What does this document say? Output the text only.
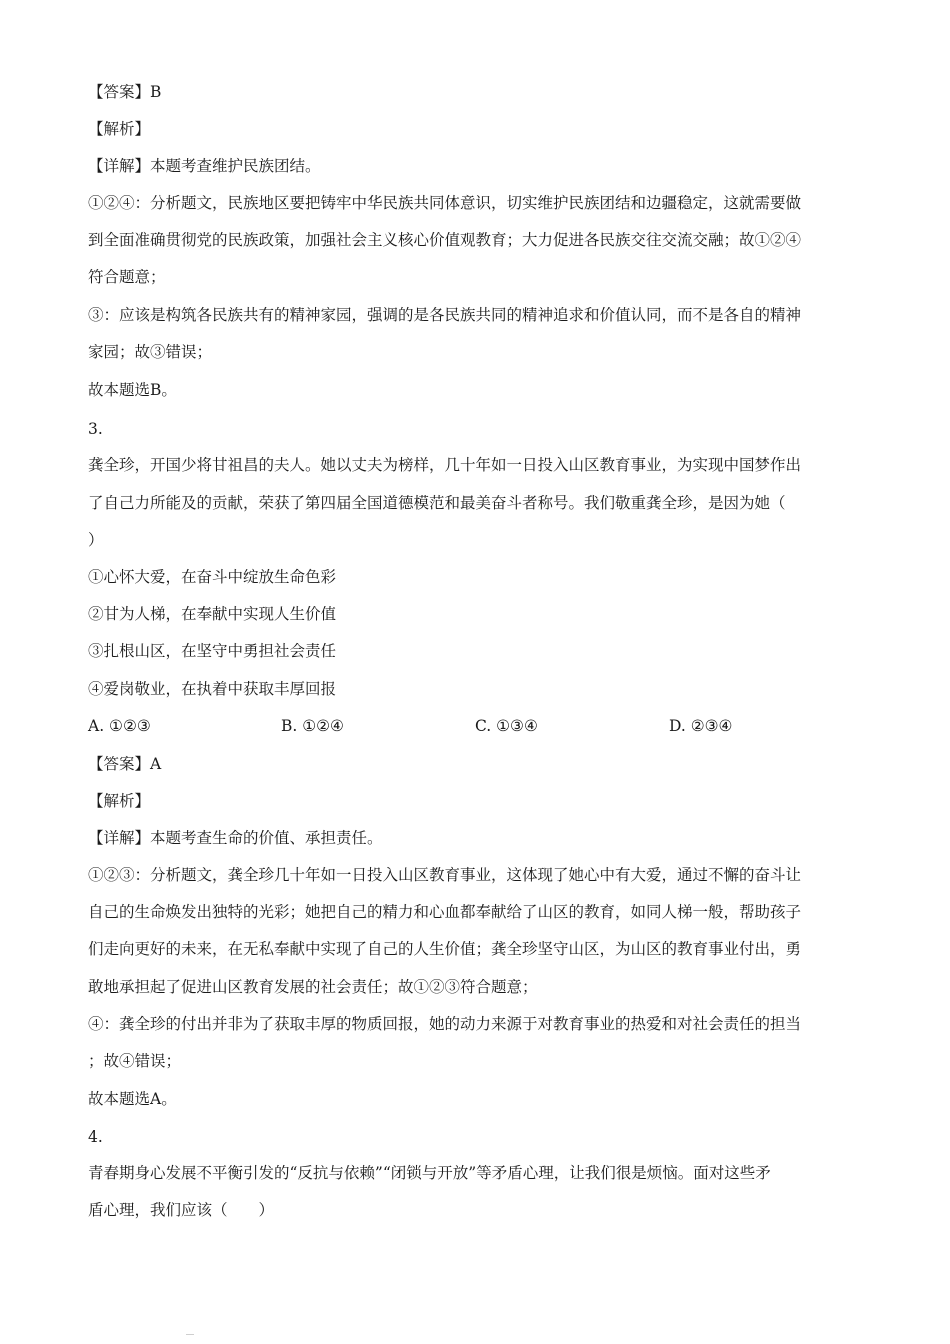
【答案】B
【解析】
【详解】本题考查维护民族团结。
①②④：分析题文，民族地区要把铸牢中华民族共同体意识，切实维护民族团结和边疆稳定，这就需要做
到全面准确贯彻党的民族政策，加强社会主义核心价值观教育；大力促进各民族交往交流交融；故①②④
符合题意；
③：应该是构筑各民族共有的精神家园，强调的是各民族共同的精神追求和价值认同，而不是各自的精神
家园；故③错误；
故本题选B。
3.
龚全珍，开国少将甘祖昌的夫人。她以丈夫为榜样，几十年如一日投入山区教育事业，为实现中国梦作出
了自己力所能及的贡献，荣获了第四届全国道德模范和最美奋斗者称号。我们敬重龚全珍，是因为她（
）
①心怀大爱，在奋斗中绽放生命色彩
②甘为人梯，在奉献中实现人生价值
③扎根山区，在坚守中勇担社会责任
④爱岗敬业，在执着中获取丰厚回报
A. ①②③	B. ①②④	C. ①③④	D. ②③④
【答案】A
【解析】
【详解】本题考查生命的价值、承担责任。
①②③：分析题文，龚全珍几十年如一日投入山区教育事业，这体现了她心中有大爱，通过不懈的奋斗让
自己的生命焕发出独特的光彩；她把自己的精力和心血都奉献给了山区的教育，如同人梯一般，帮助孩子
们走向更好的未来，在无私奉献中实现了自己的人生价值；龚全珍坚守山区，为山区的教育事业付出，勇
敢地承担起了促进山区教育发展的社会责任；故①②③符合题意；
④：龚全珍的付出并非为了获取丰厚的物质回报，她的动力来源于对教育事业的热爱和对社会责任的担当
；故④错误；
故本题选A。
4.
青春期身心发展不平衡引发的“反抗与依赖”“闭锁与开放”等矛盾心理，让我们很是烦恼。面对这些矛
盾心理，我们应该（　　）
